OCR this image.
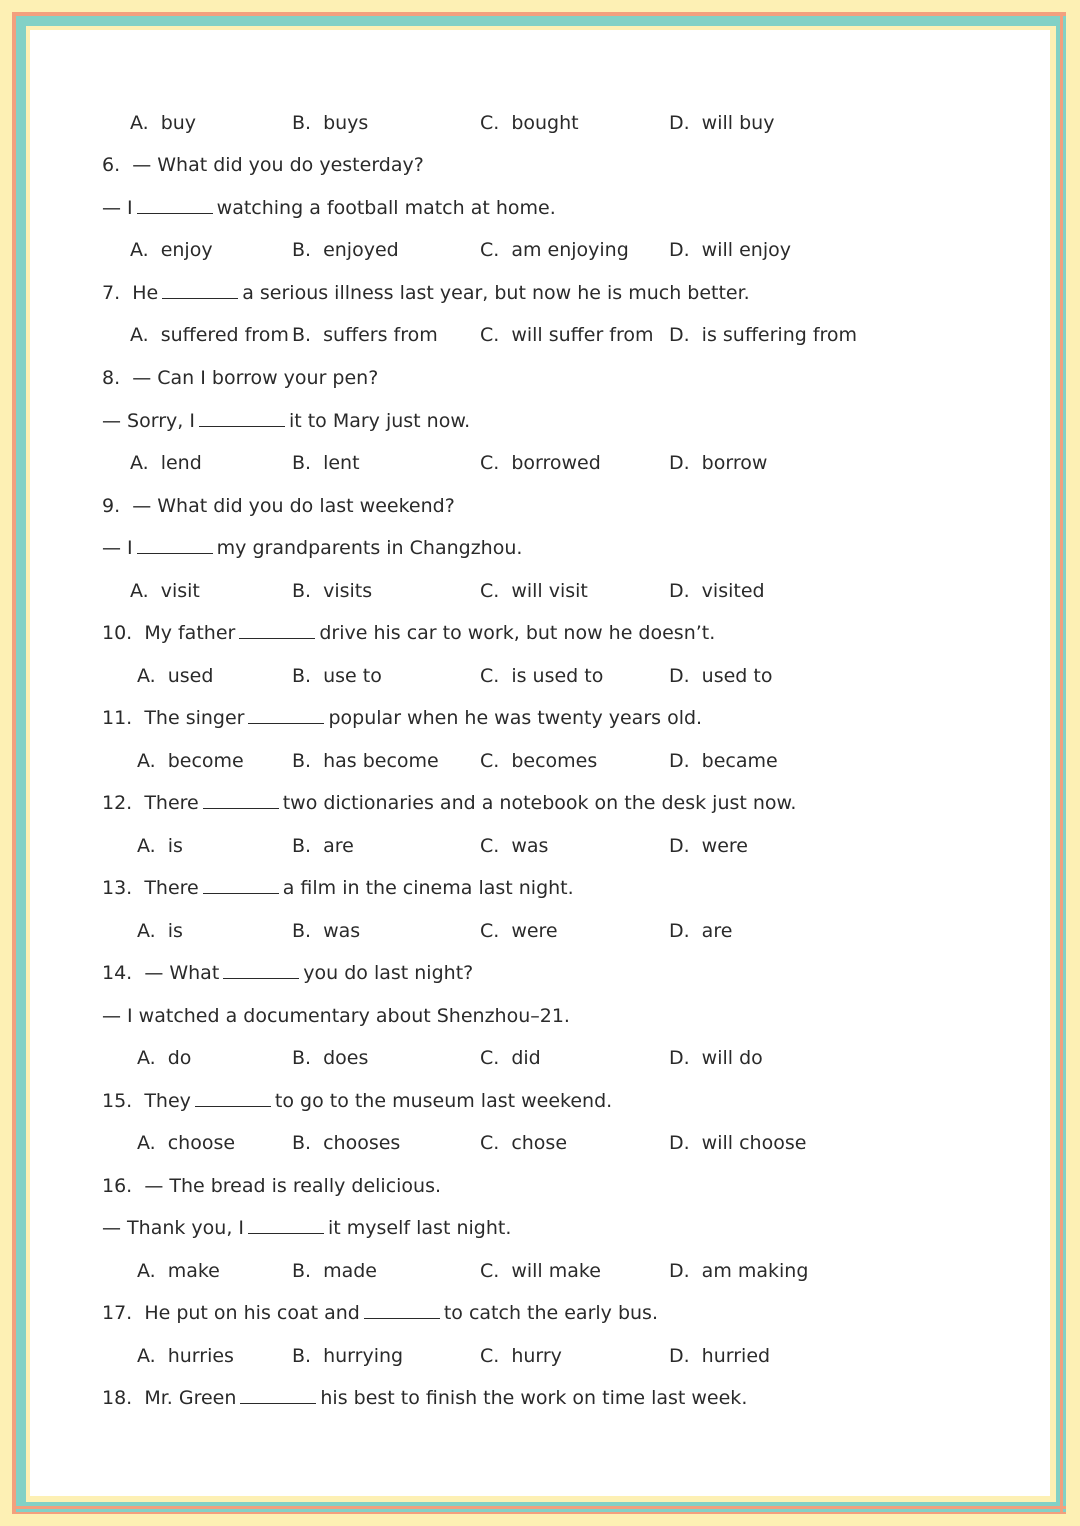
A. buy	B. buys	C. bought	D. will buy
6. — What did you do yesterday?
— I	watching a football match at home.
A. enjoy	B. enjoyed	C. am enjoying D. will enjoy
7. He	a serious illness last year, but now he is much better.
A. suffered from B. suffers from C. will suffer from D. is suffering from
8. — Can I borrow your pen?
— Sorry, I	it to Mary just now.
A. lend	B. lent	C. borrowed	D. borrow
9. — What did you do last weekend?
— I	my grandparents in Changzhou.
A. visit	B. visits	C. will visit	D. visited
10. My father	drive his car to work, but now he doesn’t.
A. used	B. use to	C. is used to	D. used to
11. The singer	popular when he was twenty years old.
A. become	B. has become C. becomes	D. became
12. There	two dictionaries and a notebook on the desk just now.
A. is	B. are	C. was	D. were
13. There	a film in the cinema last night.
A. is	B. was	C. were	D. are
14. — What	you do last night?
— I watched a documentary about Shenzhou–21.
A. do	B. does	C. did	D. will do
15. They	to go to the museum last weekend.
A. choose	B. chooses	C. chose	D. will choose
16. — The bread is really delicious.
— Thank you, I	it myself last night.
A. make	B. made	C. will make	D. am making
17. He put on his coat and	to catch the early bus.
A. hurries	B. hurrying	C. hurry	D. hurried
18. Mr. Green	his best to finish the work on time last week.
